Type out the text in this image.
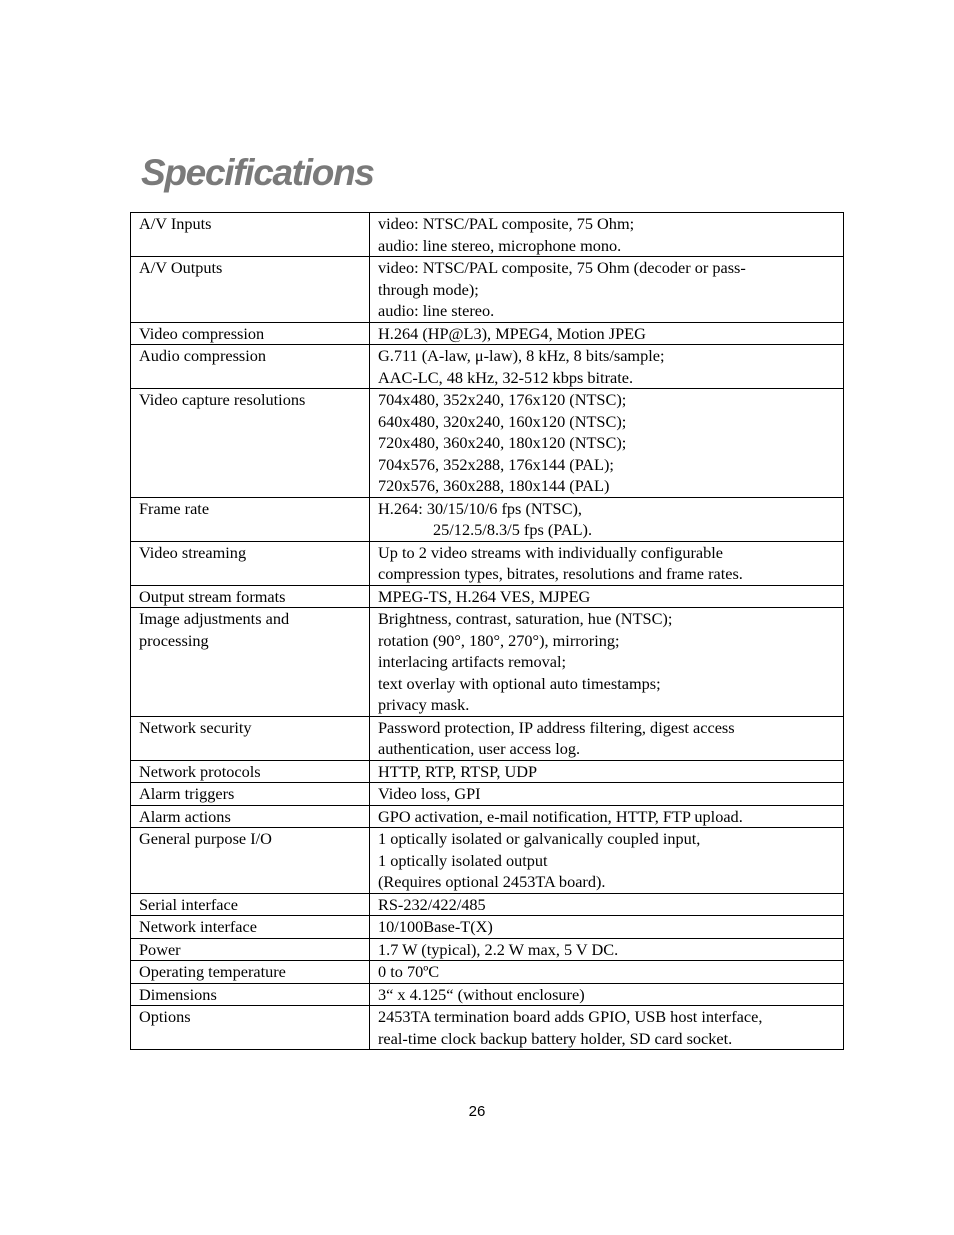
Specifications
A/V Inputs	video: NTSC/PAL composite, 75 Ohm;
audio: line stereo, microphone mono.

A/V Outputs	video: NTSC/PAL composite, 75 Ohm (decoder or pass-
through mode);
audio: line stereo.

Video compression	H.264 (HP@L3), MPEG4, Motion JPEG

Audio compression	G.711 (A-law, μ-law), 8 kHz, 8 bits/sample;
AAC-LC, 48 kHz, 32-512 kbps bitrate.

Video capture resolutions	704x480, 352x240, 176x120 (NTSC);
640x480, 320x240, 160x120 (NTSC);
720x480, 360x240, 180x120 (NTSC);
704x576, 352x288, 176x144 (PAL);
720x576, 360x288, 180x144 (PAL)

Frame rate	H.264: 30/15/10/6 fps (NTSC),
25/12.5/8.3/5 fps (PAL).

Video streaming	Up to 2 video streams with individually configurable
compression types, bitrates, resolutions and frame rates.

Output stream formats	MPEG-TS, H.264 VES, MJPEG

Image adjustments and
processing	Brightness, contrast, saturation, hue (NTSC);
rotation (90°, 180°, 270°), mirroring;
interlacing artifacts removal;
text overlay with optional auto timestamps;
privacy mask.

Network security	Password protection, IP address filtering, digest access
authentication, user access log.

Network protocols	HTTP, RTP, RTSP, UDP

Alarm triggers	Video loss, GPI

Alarm actions	GPO activation, e-mail notification, HTTP, FTP upload.

General purpose I/O	1 optically isolated or galvanically coupled input,
1 optically isolated output
(Requires optional 2453TA board).

Serial interface	RS-232/422/485

Network interface	10/100Base-T(X)

Power	1.7 W (typical), 2.2 W max, 5 V DC.

Operating temperature	0 to 70ºC

Dimensions	3“ x 4.125“ (without enclosure)

Options	2453TA termination board adds GPIO, USB host interface,
real-time clock backup battery holder, SD card socket.
26
